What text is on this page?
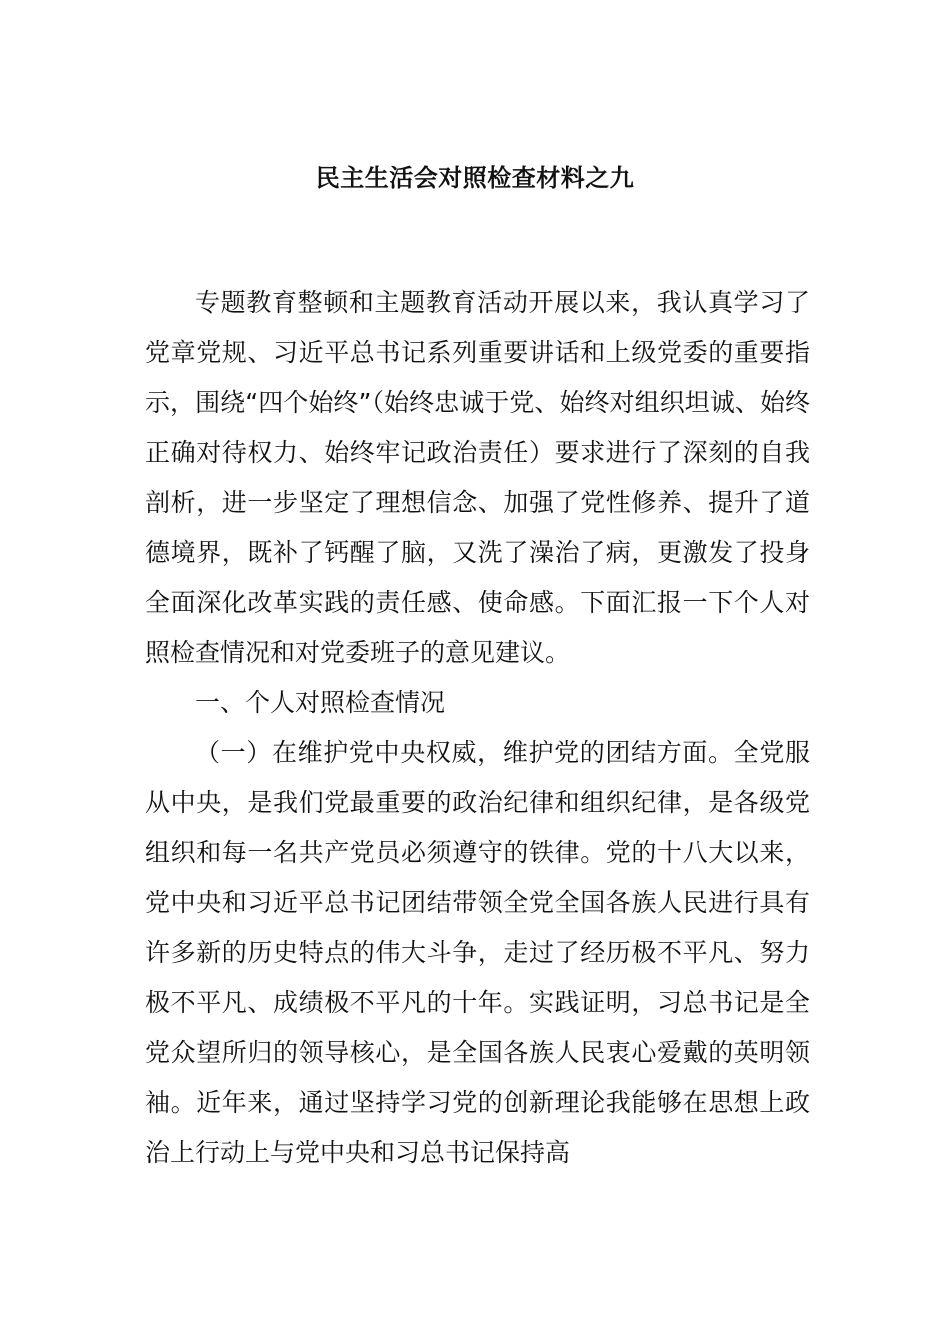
民主生活会对照检查材料之九

专题教育整顿和主题教育活动开展以来，我认真学习了党章党规、习近平总书记系列重要讲话和上级党委的重要指示，围绕“四个始终”（始终忠诚于党、始终对组织坦诚、始终正确对待权力、始终牢记政治责任）要求进行了深刻的自我剖析，进一步坚定了理想信念、加强了党性修养、提升了道德境界，既补了钙醒了脑，又洗了澡治了病，更激发了投身全面深化改革实践的责任感、使命感。下面汇报一下个人对照检查情况和对党委班子的意见建议。

一、个人对照检查情况

（一）在维护党中央权威，维护党的团结方面。全党服从中央，是我们党最重要的政治纪律和组织纪律，是各级党组织和每一名共产党员必须遵守的铁律。党的十八大以来，党中央和习近平总书记团结带领全党全国各族人民进行具有许多新的历史特点的伟大斗争，走过了经历极不平凡、努力极不平凡、成绩极不平凡的十年。实践证明，习总书记是全党众望所归的领导核心，是全国各族人民衷心爱戴的英明领袖。近年来，通过坚持学习党的创新理论我能够在思想上政治上行动上与党中央和习总书记保持高
